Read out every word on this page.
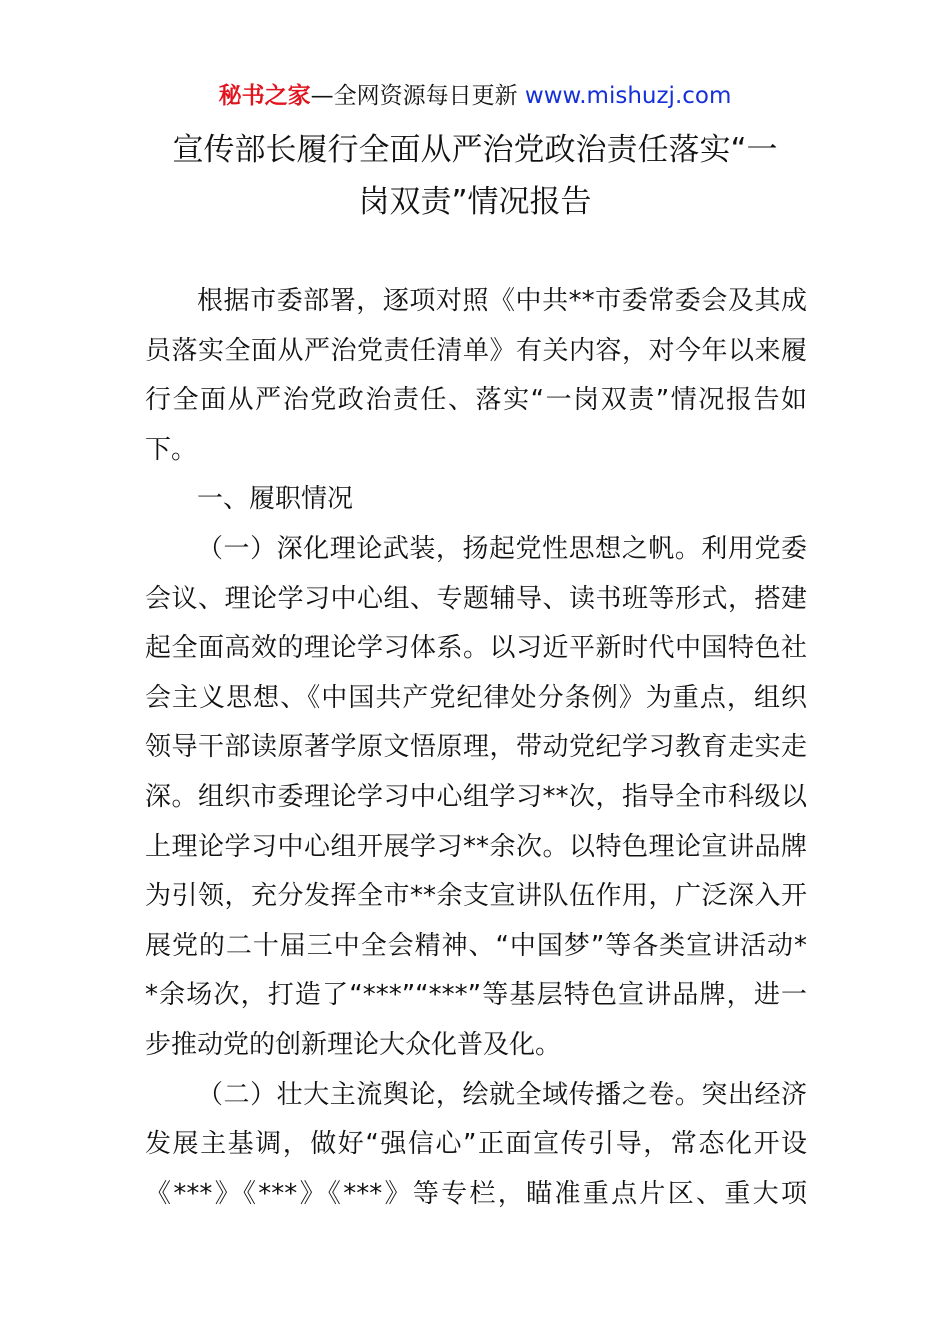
秘书之家—全网资源每日更新 www.mishuzj.com
宣传部长履行全面从严治党政治责任落实“一
岗双责”情况报告
根据市委部署，逐项对照《中共**市委常委会及其成
员落实全面从严治党责任清单》有关内容，对今年以来履
行全面从严治党政治责任、落实“一岗双责”情况报告如
下。
一、履职情况
（一）深化理论武装，扬起党性思想之帆。利用党委
会议、理论学习中心组、专题辅导、读书班等形式，搭建
起全面高效的理论学习体系。以习近平新时代中国特色社
会主义思想、《中国共产党纪律处分条例》为重点，组织
领导干部读原著学原文悟原理，带动党纪学习教育走实走
深。组织市委理论学习中心组学习**次，指导全市科级以
上理论学习中心组开展学习**余次。以特色理论宣讲品牌
为引领，充分发挥全市**余支宣讲队伍作用，广泛深入开
展党的二十届三中全会精神、“中国梦”等各类宣讲活动*
*余场次，打造了“***”“***”等基层特色宣讲品牌，进一
步推动党的创新理论大众化普及化。
（二）壮大主流舆论，绘就全域传播之卷。突出经济
发展主基调，做好“强信心”正面宣传引导，常态化开设
《***》《***》《***》等专栏，瞄准重点片区、重大项
